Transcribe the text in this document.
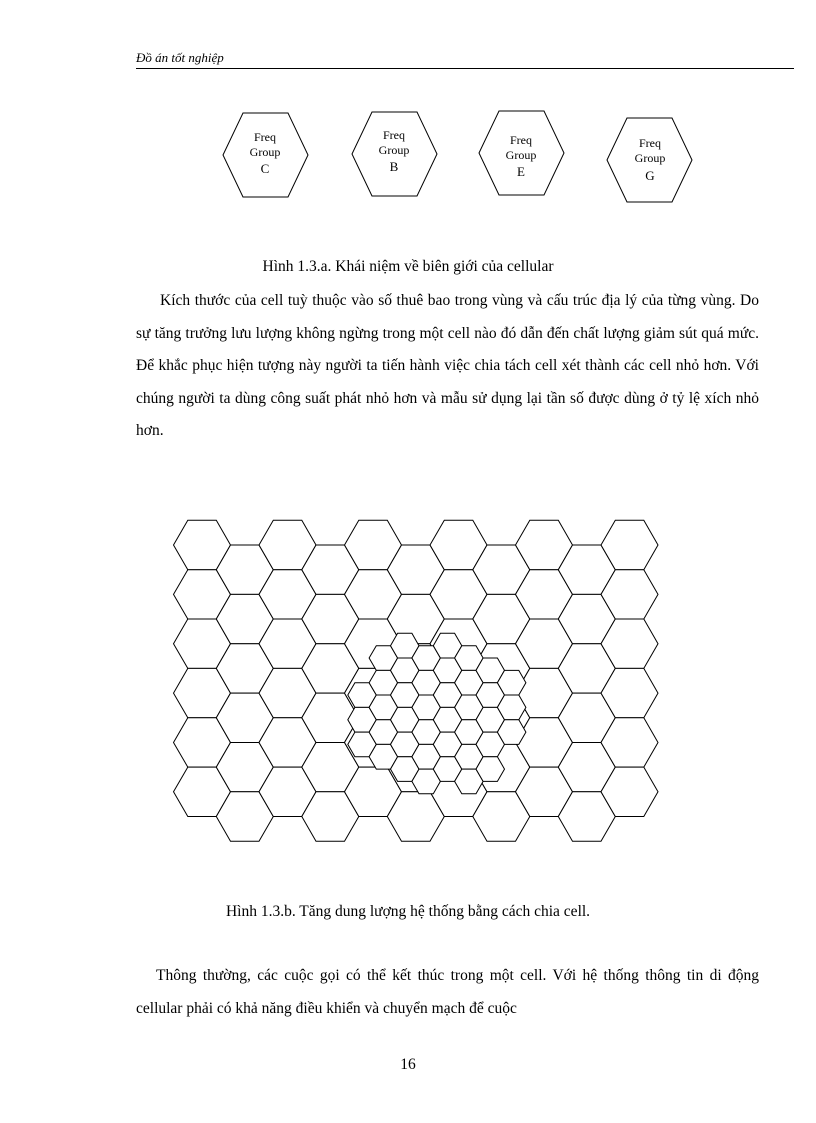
Đồ án tốt nghiệp
Freq
Group
C
Freq
Group
B
Freq
Group
E
Freq
Group
G
Hình 1.3.a. Khái niệm về biên giới của cellular

Kích thước của cell tuỳ thuộc vào số thuê bao trong vùng và cấu trúc địa lý của từng vùng. Do sự tăng trưởng lưu lượng không ngừng trong một cell nào đó dẫn đến chất lượng giảm sút quá mức. Để khắc phục hiện tượng này người ta tiến hành việc chia tách cell xét thành các cell nhỏ hơn. Với chúng người ta dùng công suất phát nhỏ hơn và mẫu sử dụng lại tần số được dùng ở tỷ lệ xích nhỏ hơn.

Hình 1.3.b. Tăng dung lượng hệ thống bằng cách chia cell.

Thông thường, các cuộc gọi có thể kết thúc trong một cell. Với hệ thống thông tin di động cellular phải có khả năng điều khiển và chuyển mạch để cuộc

16
